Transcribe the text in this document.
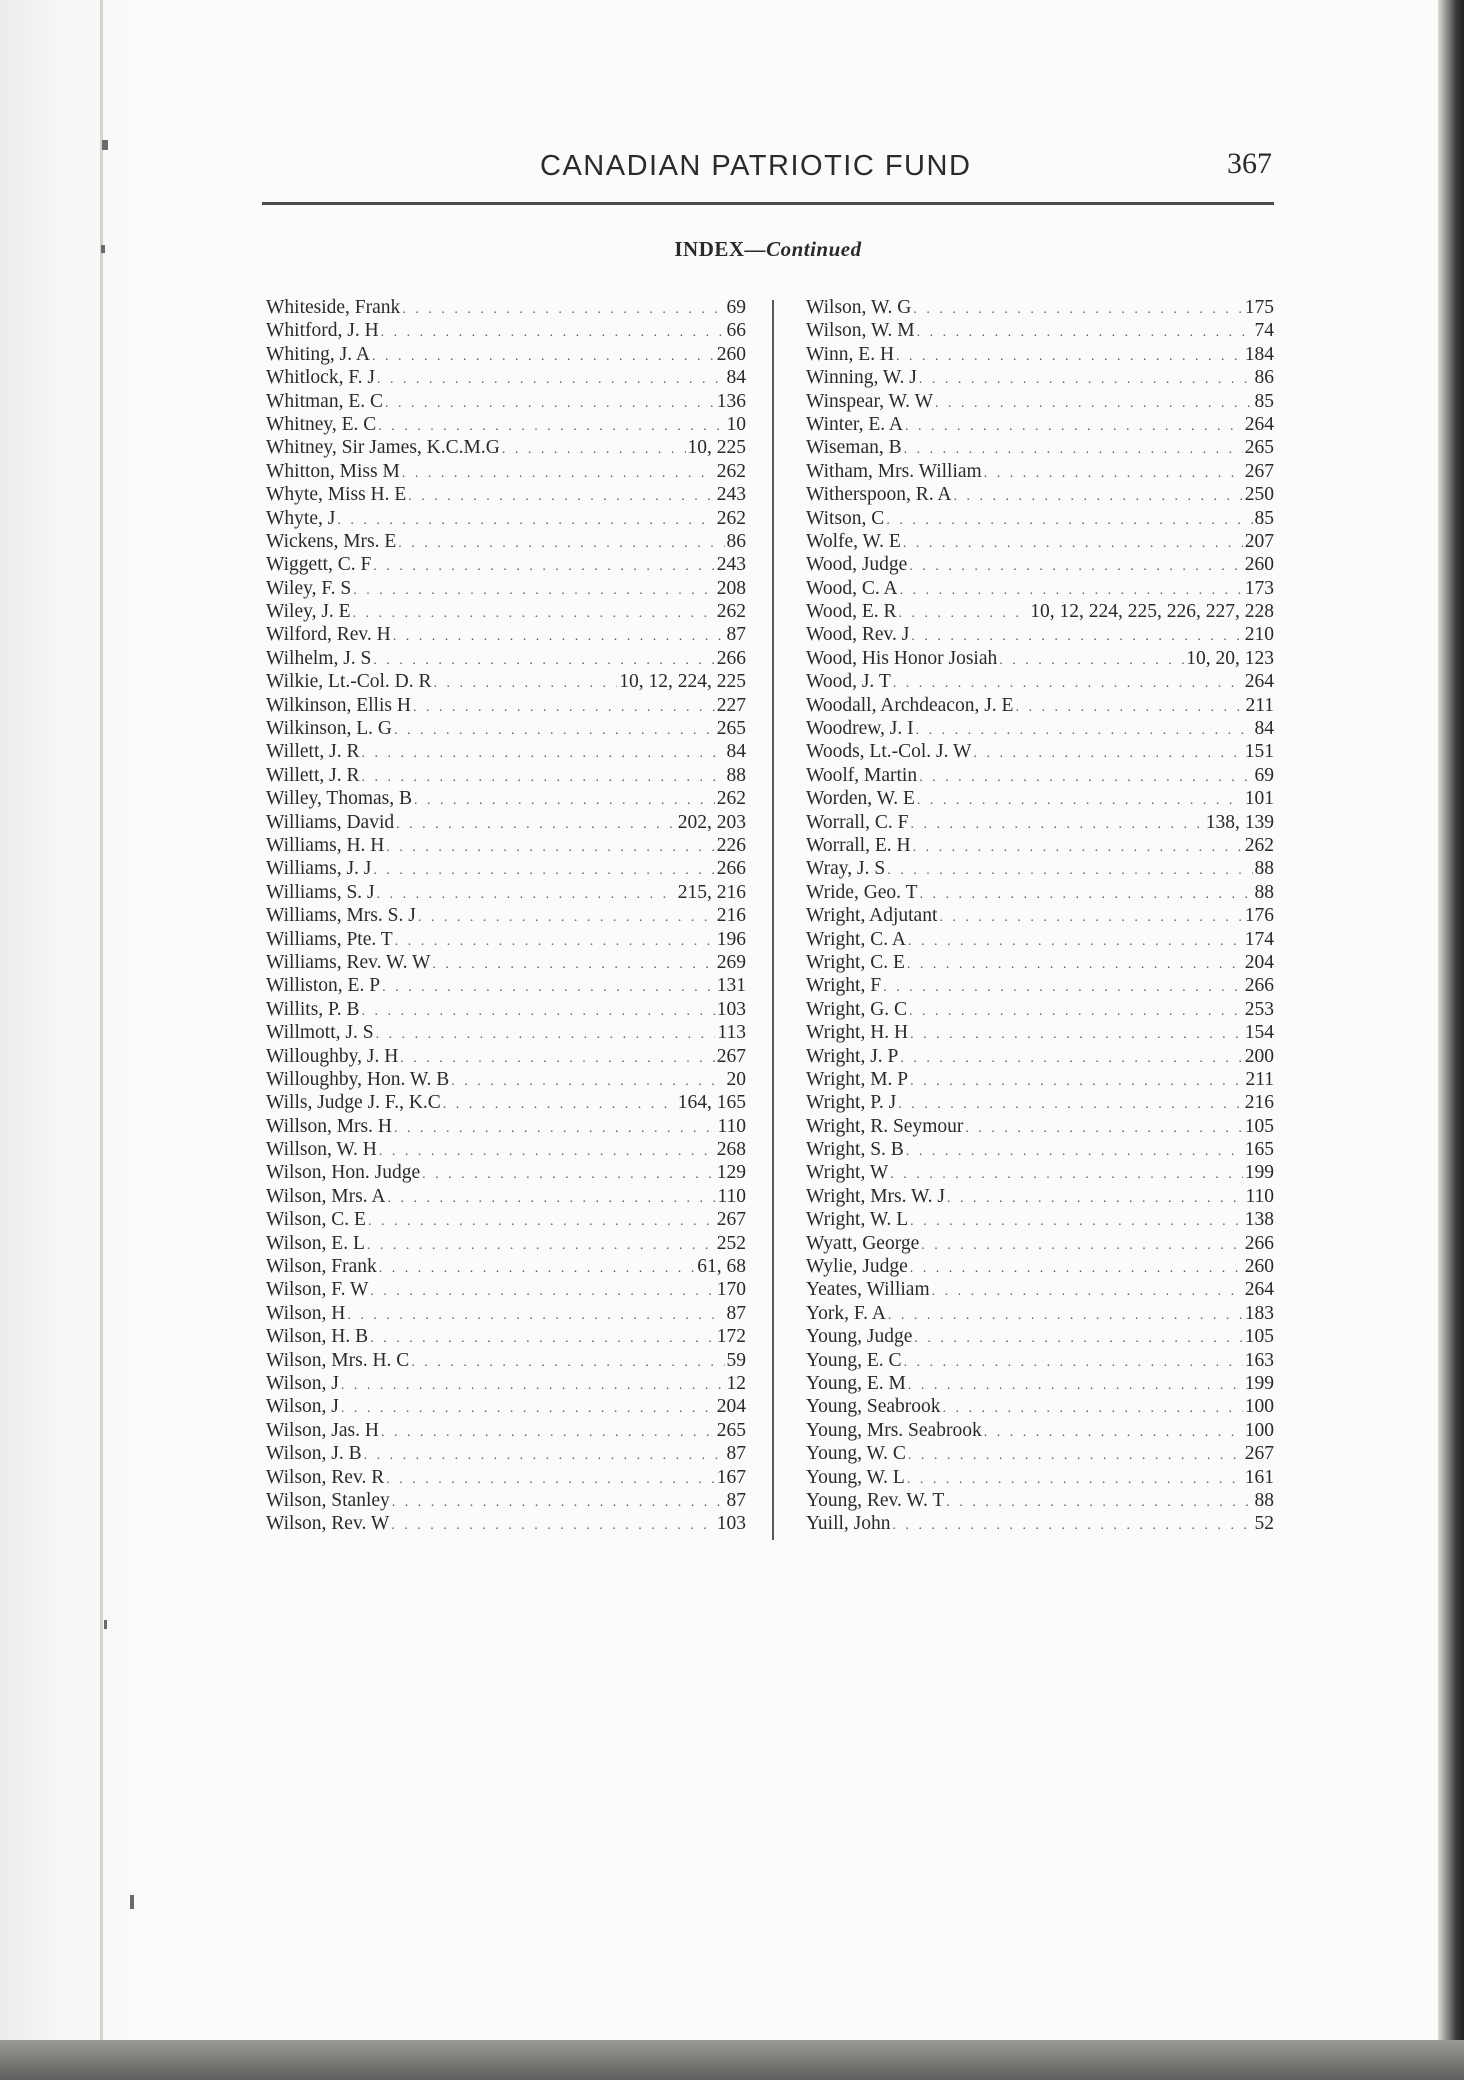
CANADIAN PATRIOTIC FUND	367
INDEX—Continued
Whiteside, Frank . . .	69
Whitford, J. H . . .	66
Whiting, J. A . . .	260
Whitlock, F. J . . .	84
Whitman, E. C . . .	136
Whitney, E. C . . .	10
Whitney, Sir James, K.C.M.G . . .	10, 225
Whitton, Miss M . . .	262
Whyte, Miss H. E . . .	243
Whyte, J . . .	262
Wickens, Mrs. E . . .	86
Wiggett, C. F . . .	243
Wiley, F. S . . .	208
Wiley, J. E . . .	262
Wilford, Rev. H . . .	87
Wilhelm, J. S . . .	266
Wilkie, Lt.-Col. D. R . . .	10, 12, 224, 225
Wilkinson, Ellis H . . .	227
Wilkinson, L. G . . .	265
Willett, J. R . . .	84
Willett, J. R . . .	88
Willey, Thomas, B . . .	262
Williams, David . . .	202, 203
Williams, H. H . . .	226
Williams, J. J . . .	266
Williams, S. J . . .	215, 216
Williams, Mrs. S. J . . .	216
Williams, Pte. T . . .	196
Williams, Rev. W. W . . .	269
Williston, E. P . . .	131
Willits, P. B . . .	103
Willmott, J. S . . .	113
Willoughby, J. H . . .	267
Willoughby, Hon. W. B . . .	20
Wills, Judge J. F., K.C . . .	164, 165
Willson, Mrs. H . . .	110
Willson, W. H . . .	268
Wilson, Hon. Judge . . .	129
Wilson, Mrs. A . . .	110
Wilson, C. E . . .	267
Wilson, E. L . . .	252
Wilson, Frank . . .	61, 68
Wilson, F. W . . .	170
Wilson, H . . .	87
Wilson, H. B . . .	172
Wilson, Mrs. H. C . . .	59
Wilson, J . . .	12
Wilson, J . . .	204
Wilson, Jas. H . . .	265
Wilson, J. B . . .	87
Wilson, Rev. R . . .	167
Wilson, Stanley . . .	87
Wilson, Rev. W . . .	103
Wilson, W. G . . .	175
Wilson, W. M . . .	74
Winn, E. H . . .	184
Winning, W. J . . .	86
Winspear, W. W . . .	85
Winter, E. A . . .	264
Wiseman, B . . .	265
Witham, Mrs. William . . .	267
Witherspoon, R. A . . .	250
Witson, C . . .	85
Wolfe, W. E . . .	207
Wood, Judge . . .	260
Wood, C. A . . .	173
Wood, E. R . . .	10, 12, 224, 225, 226, 227, 228
Wood, Rev. J . . .	210
Wood, His Honor Josiah . . .	10, 20, 123
Wood, J. T . . .	264
Woodall, Archdeacon, J. E . . .	211
Woodrew, J. I . . .	84
Woods, Lt.-Col. J. W . . .	151
Woolf, Martin . . .	69
Worden, W. E . . .	101
Worrall, C. F . . .	138, 139
Worrall, E. H . . .	262
Wray, J. S . . .	88
Wride, Geo. T . . .	88
Wright, Adjutant . . .	176
Wright, C. A . . .	174
Wright, C. E . . .	204
Wright, F . . .	266
Wright, G. C . . .	253
Wright, H. H . . .	154
Wright, J. P . . .	200
Wright, M. P . . .	211
Wright, P. J . . .	216
Wright, R. Seymour . . .	105
Wright, S. B . . .	165
Wright, W . . .	199
Wright, Mrs. W. J . . .	110
Wright, W. L . . .	138
Wyatt, George . . .	266
Wylie, Judge . . .	260
Yeates, William . . .	264
York, F. A . . .	183
Young, Judge . . .	105
Young, E. C . . .	163
Young, E. M . . .	199
Young, Seabrook . . .	100
Young, Mrs. Seabrook . . .	100
Young, W. C . . .	267
Young, W. L . . .	161
Young, Rev. W. T . . .	88
Yuill, John . . .	52
